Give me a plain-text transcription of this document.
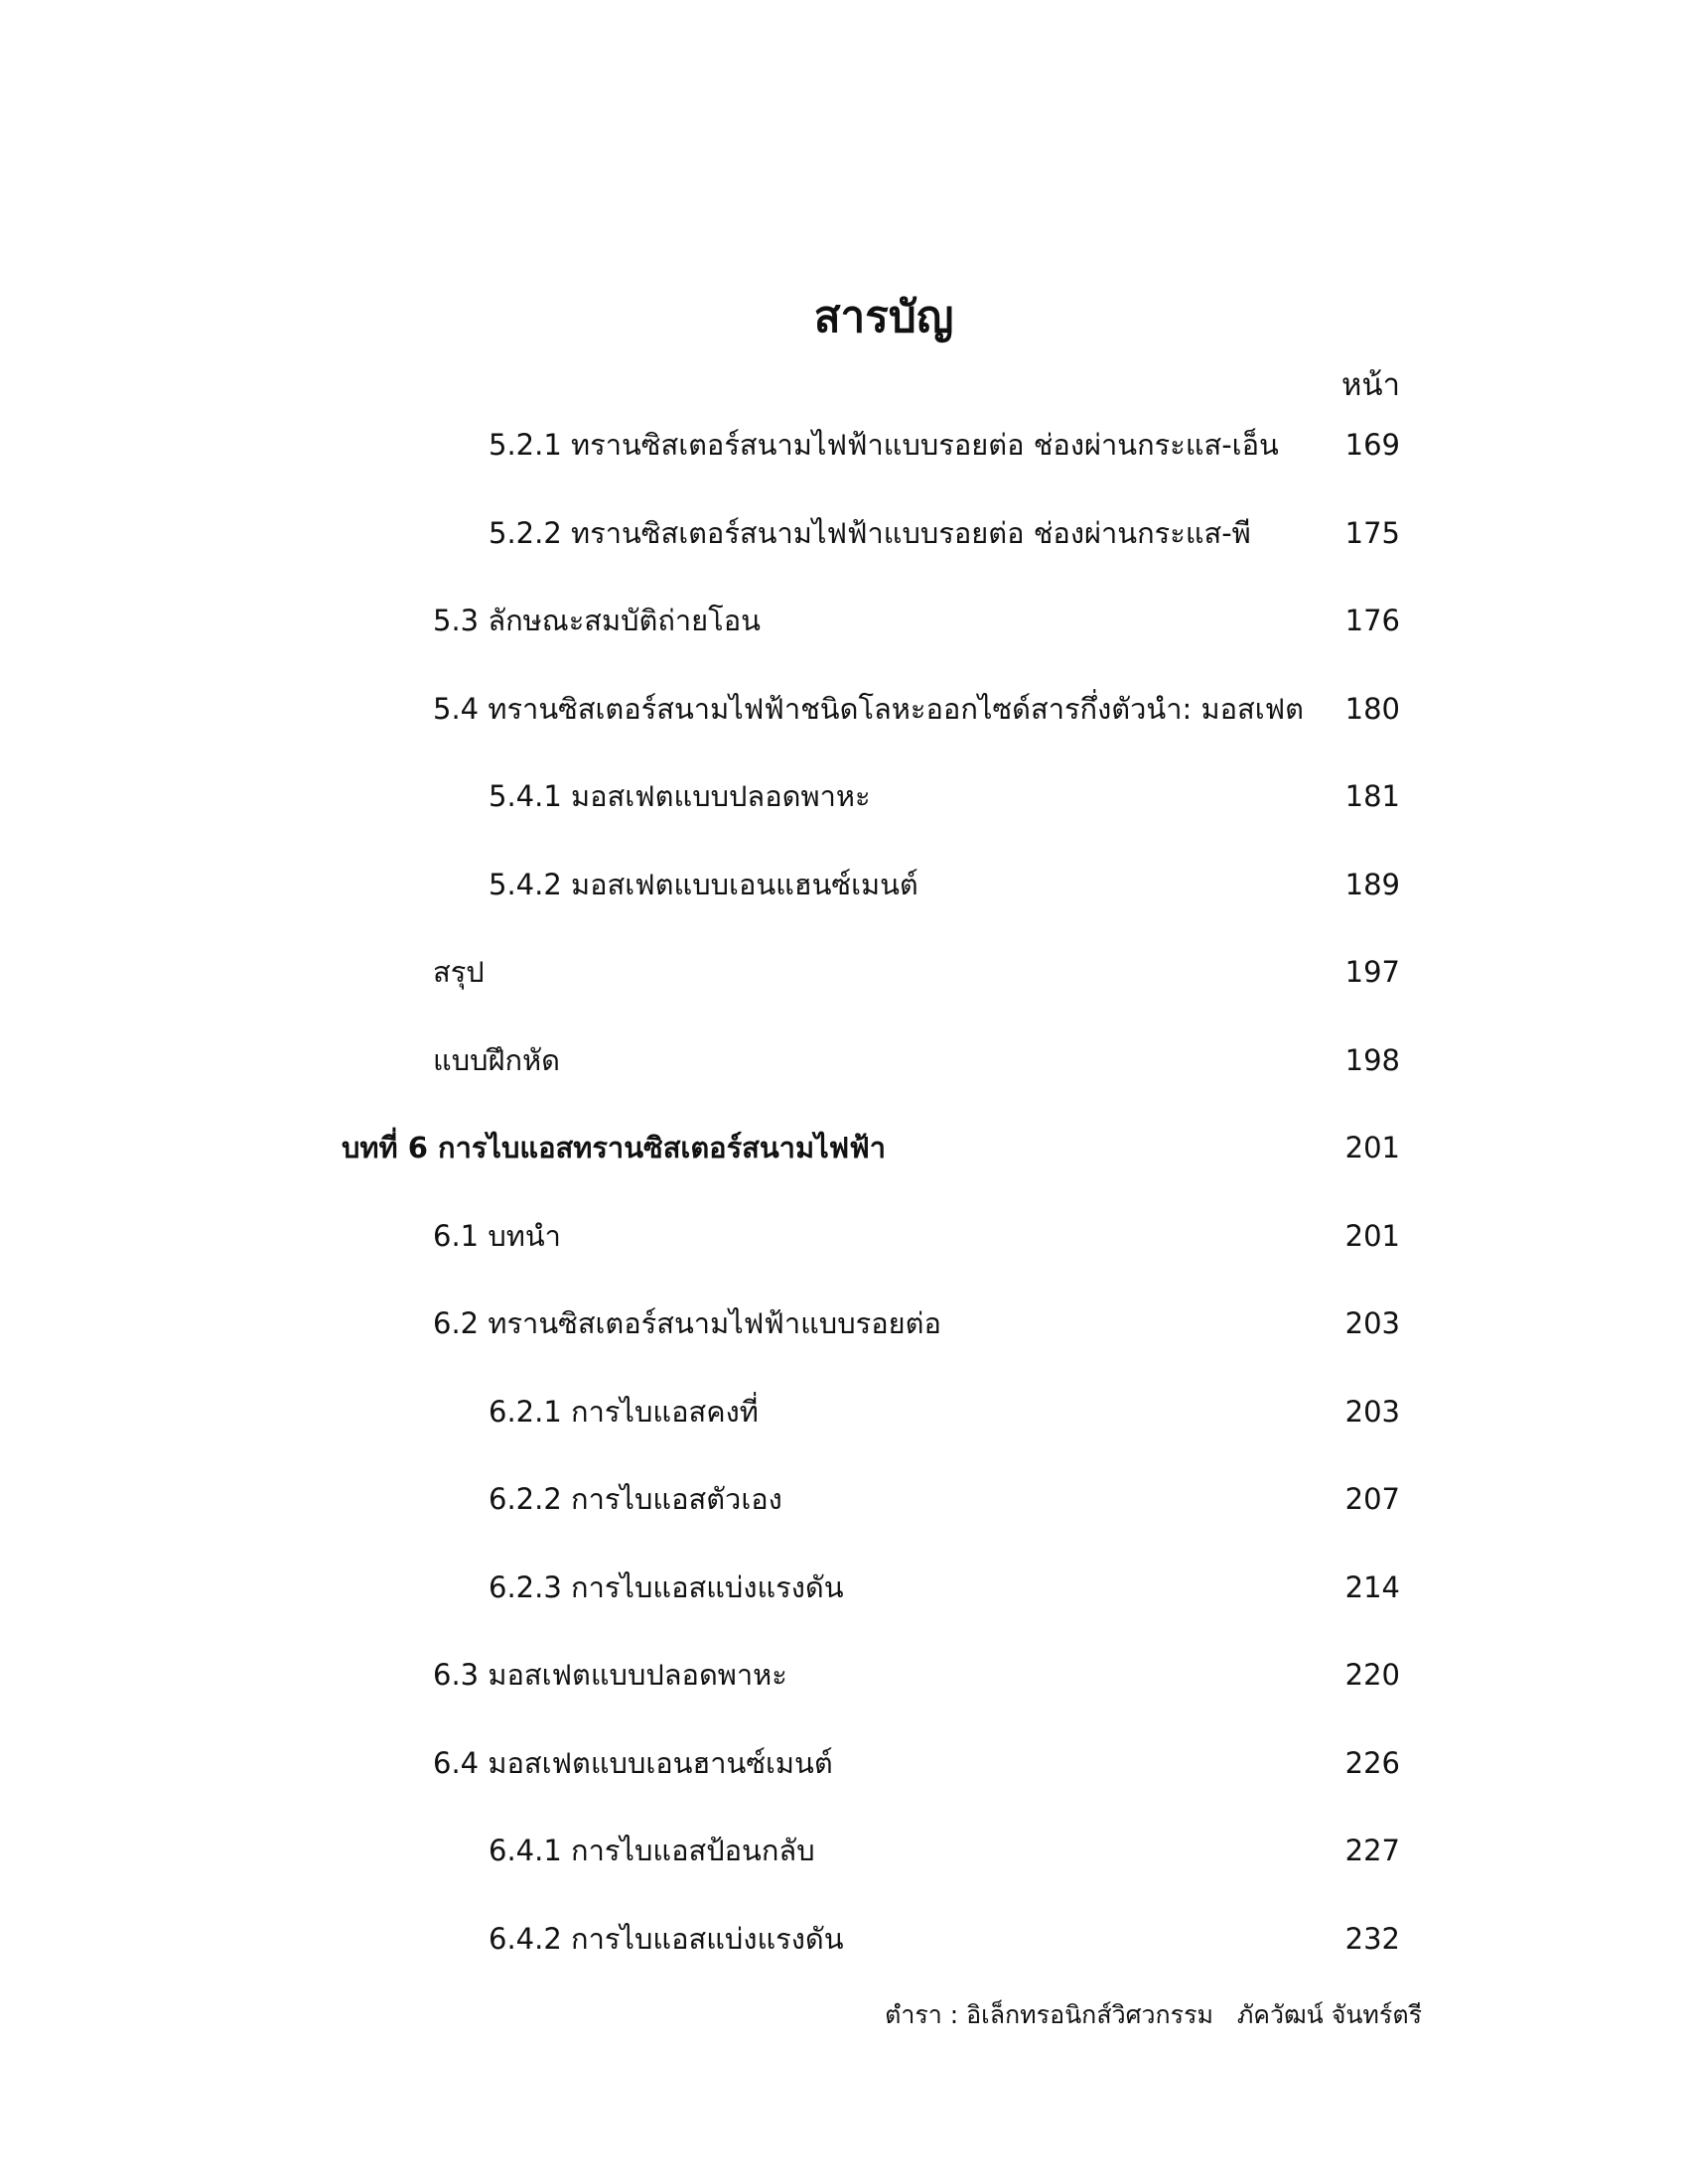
สารบัญ
หน้า
5.2.1 ทรานซิสเตอร์สนามไฟฟ้าแบบรอยต่อ ช่องผ่านกระแส-เอ็น 169
5.2.2 ทรานซิสเตอร์สนามไฟฟ้าแบบรอยต่อ ช่องผ่านกระแส-พี	175
5.3 ลักษณะสมบัติถ่ายโอน	176
5.4 ทรานซิสเตอร์สนามไฟฟ้าชนิดโลหะออกไซด์สารกึ่งตัวนำ: มอสเฟต 180
5.4.1 มอสเฟตแบบปลอดพาหะ	181
5.4.2 มอสเฟตแบบเอนแฮนซ์เมนต์	189
สรุป	197
แบบฝึกหัด	198
บทที่ 6 การไบแอสทรานซิสเตอร์สนามไฟฟ้า	201
6.1 บทนำ	201
6.2 ทรานซิสเตอร์สนามไฟฟ้าแบบรอยต่อ	203
6.2.1 การไบแอสคงที่	203
6.2.2 การไบแอสตัวเอง	207
6.2.3 การไบแอสแบ่งแรงดัน	214
6.3 มอสเฟตแบบปลอดพาหะ	220
6.4 มอสเฟตแบบเอนฮานซ์เมนต์	226
6.4.1 การไบแอสป้อนกลับ	227
6.4.2 การไบแอสแบ่งแรงดัน	232
ตำรา : อิเล็กทรอนิกส์วิศวกรรม   ภัควัฒน์ จันทร์ตรี
